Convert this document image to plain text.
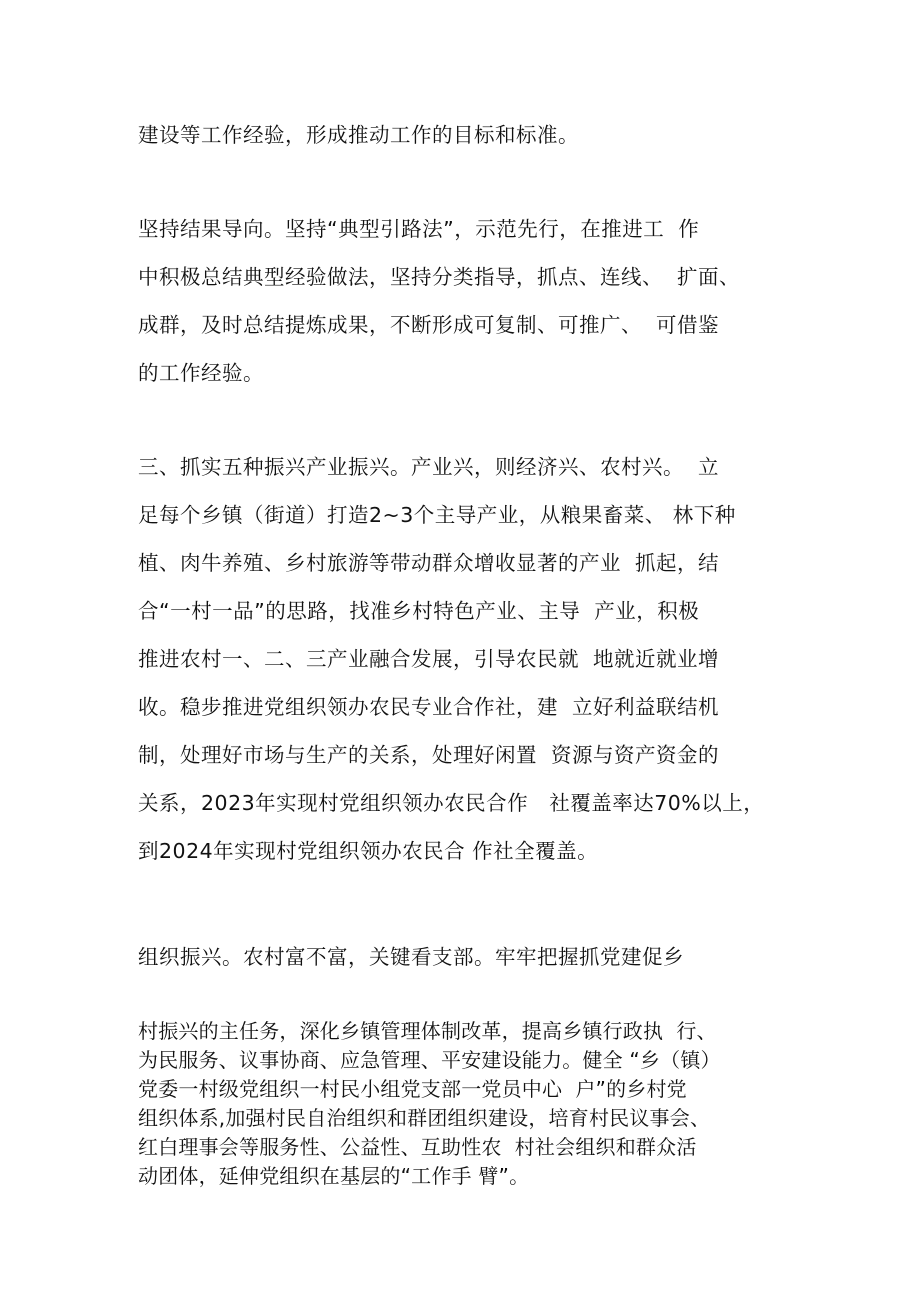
建设等工作经验，形成推动工作的目标和标准。
坚持结果导向。坚持“典型引路法”，示范先行，在推进工  作
中积极总结典型经验做法，坚持分类指导，抓点、连线、  扩面、
成群，及时总结提炼成果，不断形成可复制、可推广、  可借鉴
的工作经验。
三、抓实五种振兴产业振兴。产业兴，则经济兴、农村兴。  立
足每个乡镇（街道）打造2~3个主导产业，从粮果畜菜、 林下种
植、肉牛养殖、乡村旅游等带动群众增收显著的产业  抓起，结
合“一村一品”的思路，找准乡村特色产业、主导  产业，积极
推进农村一、二、三产业融合发展，引导农民就  地就近就业增
收。稳步推进党组织领办农民专业合作社，建  立好利益联结机
制，处理好市场与生产的关系，处理好闲置  资源与资产资金的
关系，2023年实现村党组织领办农民合作   社覆盖率达70%以上，
到2024年实现村党组织领办农民合 作社全覆盖。
组织振兴。农村富不富，关键看支部。牢牢把握抓党建促乡
村振兴的主任务，深化乡镇管理体制改革，提高乡镇行政执  行、
为民服务、议事协商、应急管理、平安建设能力。健全 “乡（镇）
党委一村级党组织一村民小组党支部一党员中心  户”的乡村党
组织体系,加强村民自治组织和群团组织建设，培育村民议事会、
红白理事会等服务性、公益性、互助性农  村社会组织和群众活
动团体，延伸党组织在基层的“工作手 臂”。
